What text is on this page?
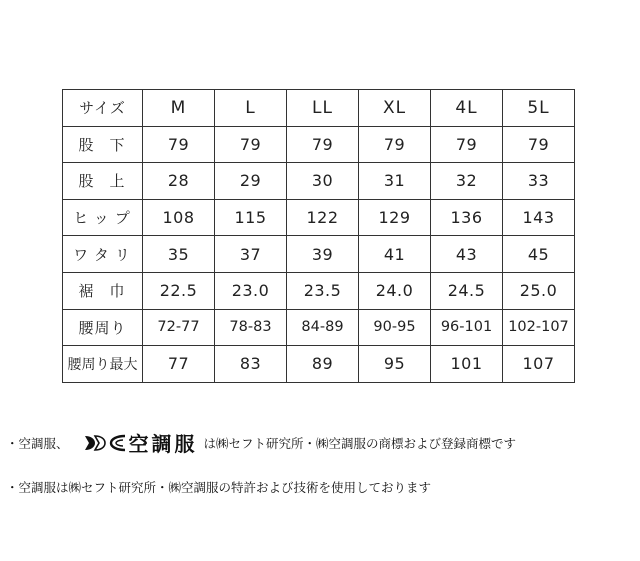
サイズ	M	L	LL	XL	4L	5L
股下	79	79	79	79	79	79
股上	28	29	30	31	32	33
ヒップ	108	115	122	129	136	143
ワタリ	35	37	39	41	43	45
裾巾	22.5	23.0	23.5	24.0	24.5	25.0
腰周り	72-77	78-83	84-89	90-95	96-101	102-107
腰周り最大	77	83	89	95	101	107
・空調服、	空調服 は㈱セフト研究所・㈱空調服の商標および登録商標です
・空調服は㈱セフト研究所・㈱空調服の特許および技術を使用しております
